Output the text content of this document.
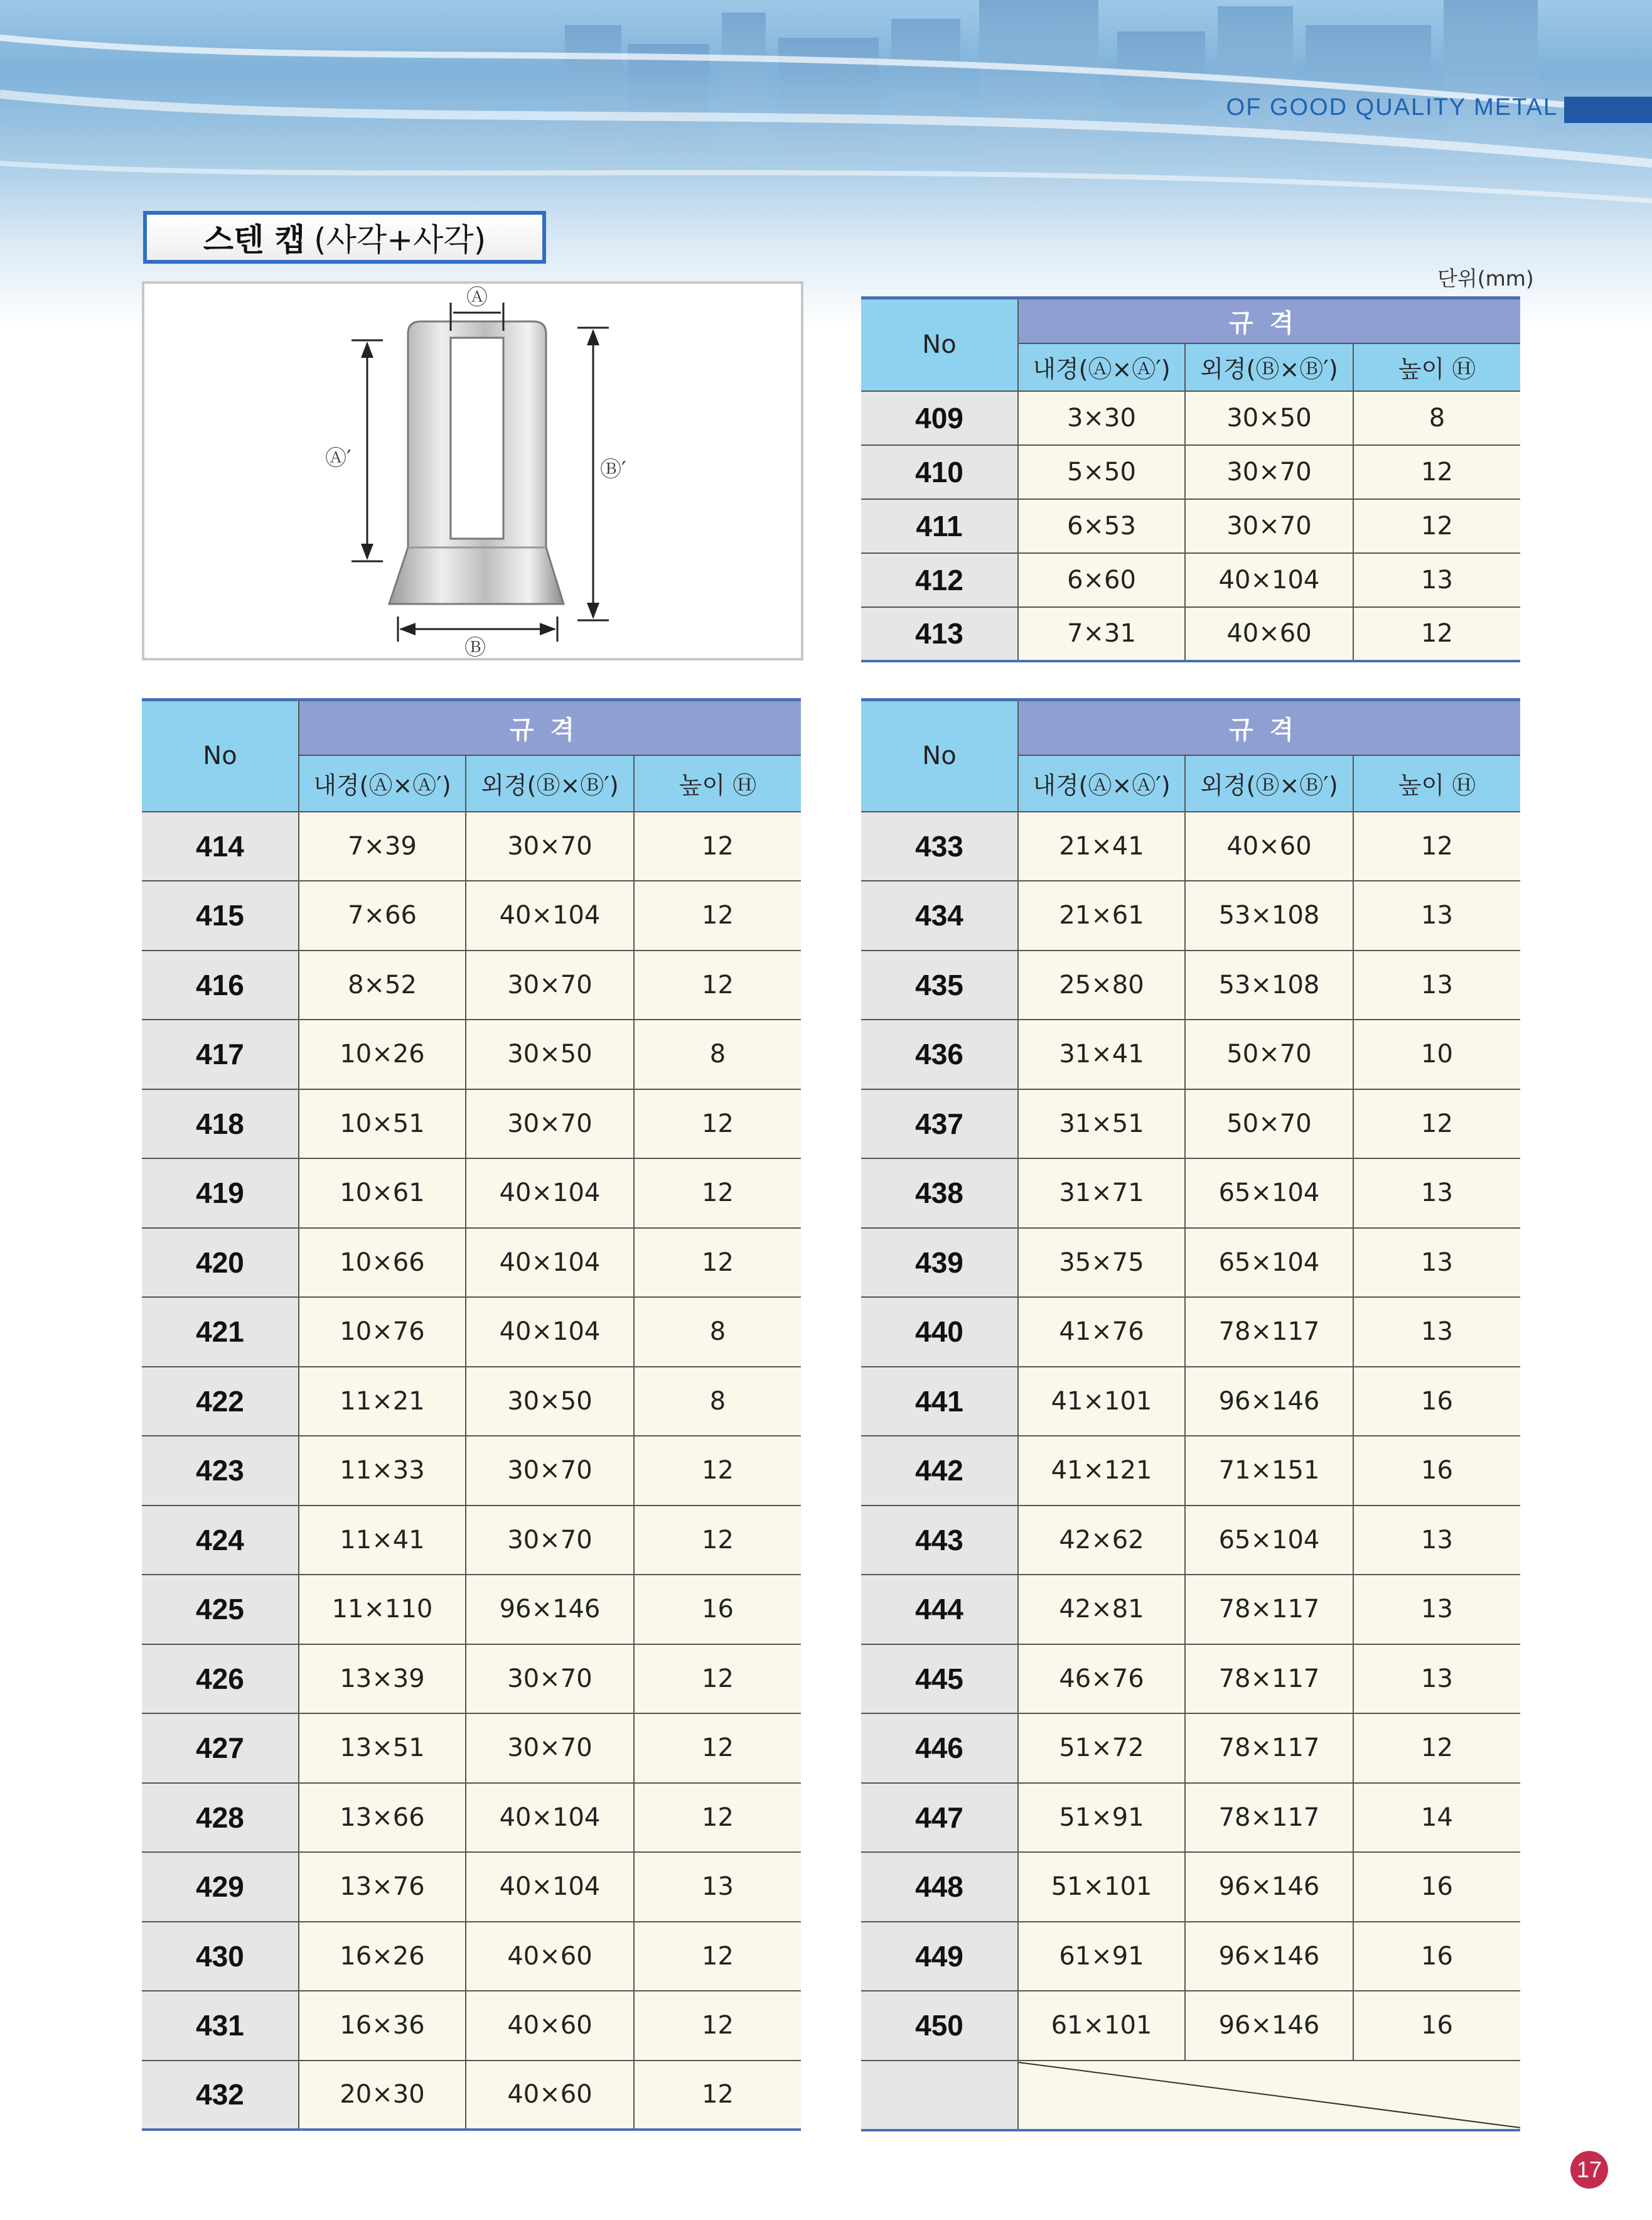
OF GOOD QUALITY METAL
스텐 캡 (사각+사각)
단위(mm)
Ⓐ
Ⓐ′	Ⓑ′
Ⓑ
No	규격		
	내경(Ⓐ×Ⓐ′)	외경(Ⓑ×Ⓑ′)	높이 Ⓗ
409	3×30	30×50	8
410	5×50	30×70	12
411	6×53	30×70	12
412	6×60	40×104	13
413	7×31	40×60	12
No	규격		
	내경(Ⓐ×Ⓐ′)	외경(Ⓑ×Ⓑ′)	높이 Ⓗ
414	7×39	30×70	12
415	7×66	40×104	12
416	8×52	30×70	12
417	10×26	30×50	8
418	10×51	30×70	12
419	10×61	40×104	12
420	10×66	40×104	12
421	10×76	40×104	8
422	11×21	30×50	8
423	11×33	30×70	12
424	11×41	30×70	12
425	11×110	96×146	16
426	13×39	30×70	12
427	13×51	30×70	12
428	13×66	40×104	12
429	13×76	40×104	13
430	16×26	40×60	12
431	16×36	40×60	12
432	20×30	40×60	12
No	규격		
	내경(Ⓐ×Ⓐ′)	외경(Ⓑ×Ⓑ′)	높이 Ⓗ
433	21×41	40×60	12
434	21×61	53×108	13
435	25×80	53×108	13
436	31×41	50×70	10
437	31×51	50×70	12
438	31×71	65×104	13
439	35×75	65×104	13
440	41×76	78×117	13
441	41×101	96×146	16
442	41×121	71×151	16
443	42×62	65×104	13
444	42×81	78×117	13
445	46×76	78×117	13
446	51×72	78×117	12
447	51×91	78×117	14
448	51×101	96×146	16
449	61×91	96×146	16
450	61×101	96×146	16

17
